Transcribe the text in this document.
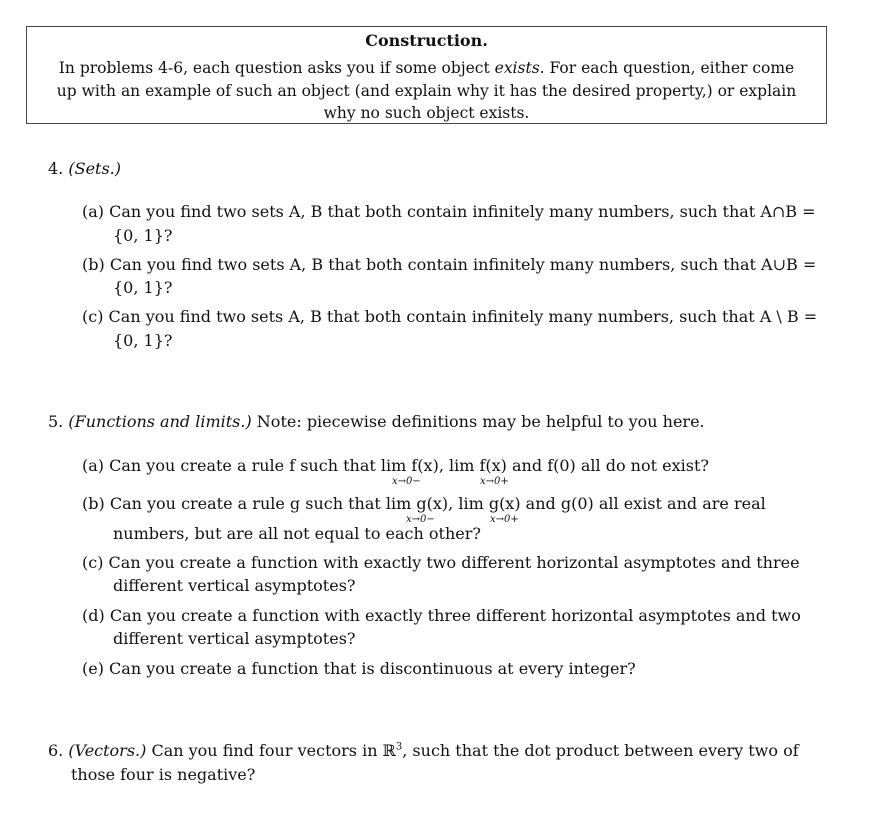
Construction.
In problems 4-6, each question asks you if some object exists. For each question, either come
up with an example of such an object (and explain why it has the desired property,) or explain
why no such object exists.
4. (Sets.)
(a) Can you find two sets A, B that both contain infinitely many numbers, such that A∩B =
{0, 1}?
(b) Can you find two sets A, B that both contain infinitely many numbers, such that A∪B =
{0, 1}?
(c) Can you find two sets A, B that both contain infinitely many numbers, such that A \ B =
{0, 1}?
5. (Functions and limits.) Note: piecewise definitions may be helpful to you here.
(a) Can you create a rule f such that lim f(x), lim f(x) and f(0) all do not exist?
x→0−	x→0+
(b) Can you create a rule g such that lim g(x), lim g(x) and g(0) all exist and are real
x→0−	x→0+
numbers, but are all not equal to each other?
(c) Can you create a function with exactly two different horizontal asymptotes and three
different vertical asymptotes?
(d) Can you create a function with exactly three different horizontal asymptotes and two
different vertical asymptotes?
(e) Can you create a function that is discontinuous at every integer?
6. (Vectors.) Can you find four vectors in ℝ$^3$, such that the dot product between every two of
those four is negative?
